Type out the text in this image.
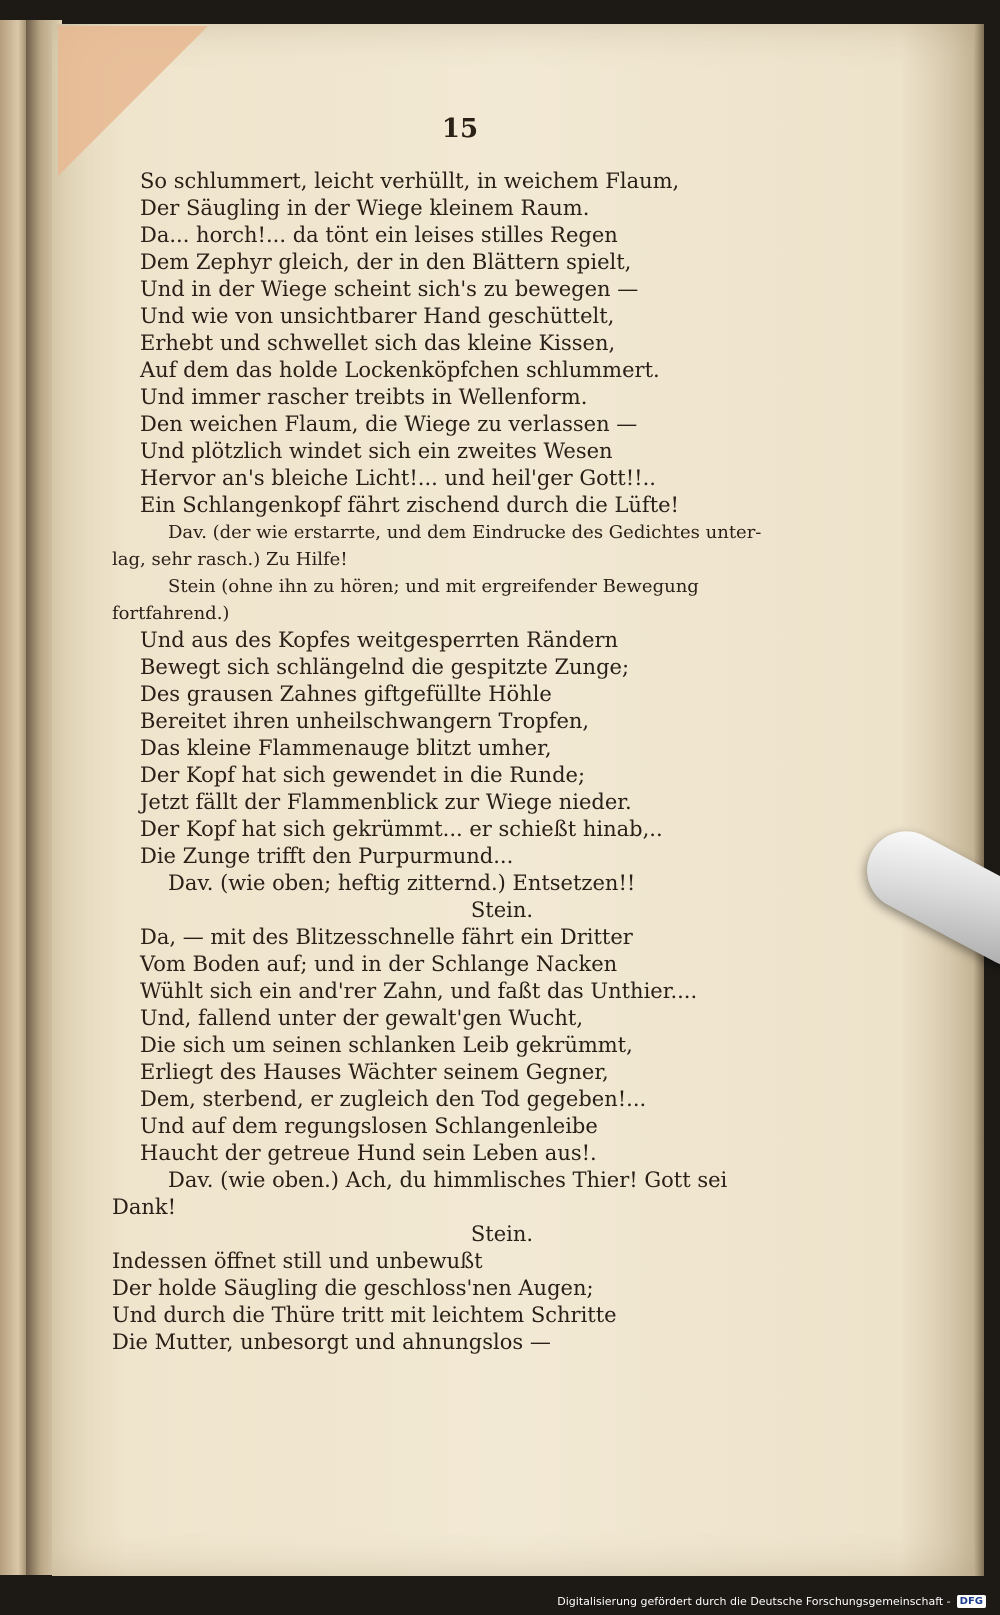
15
So schlummert, leicht verhüllt, in weichem Flaum,
Der Säugling in der Wiege kleinem Raum.
Da... horch!... da tönt ein leises stilles Regen
Dem Zephyr gleich, der in den Blättern spielt,
Und in der Wiege scheint sich's zu bewegen —
Und wie von unsichtbarer Hand geschüttelt,
Erhebt und schwellet sich das kleine Kissen,
Auf dem das holde Lockenköpfchen schlummert.
Und immer rascher treibts in Wellenform.
Den weichen Flaum, die Wiege zu verlassen —
Und plötzlich windet sich ein zweites Wesen
Hervor an's bleiche Licht!... und heil'ger Gott!!..
Ein Schlangenkopf fährt zischend durch die Lüfte!
Dav. (der wie erstarrte, und dem Eindrucke des Gedichtes unter-
lag, sehr rasch.) Zu Hilfe!
Stein (ohne ihn zu hören; und mit ergreifender Bewegung
fortfahrend.)
Und aus des Kopfes weitgesperrten Rändern
Bewegt sich schlängelnd die gespitzte Zunge;
Des grausen Zahnes giftgefüllte Höhle
Bereitet ihren unheilschwangern Tropfen,
Das kleine Flammenauge blitzt umher,
Der Kopf hat sich gewendet in die Runde;
Jetzt fällt der Flammenblick zur Wiege nieder.
Der Kopf hat sich gekrümmt... er schießt hinab,..
Die Zunge trifft den Purpurmund...
Dav. (wie oben; heftig zitternd.) Entsetzen!!
Stein.
Da, — mit des Blitzesschnelle fährt ein Dritter
Vom Boden auf; und in der Schlange Nacken
Wühlt sich ein and'rer Zahn, und faßt das Unthier....
Und, fallend unter der gewalt'gen Wucht,
Die sich um seinen schlanken Leib gekrümmt,
Erliegt des Hauses Wächter seinem Gegner,
Dem, sterbend, er zugleich den Tod gegeben!...
Und auf dem regungslosen Schlangenleibe
Haucht der getreue Hund sein Leben aus!.
Dav. (wie oben.) Ach, du himmlisches Thier! Gott sei
Dank!
Stein.
Indessen öffnet still und unbewußt
Der holde Säugling die geschloss'nen Augen;
Und durch die Thüre tritt mit leichtem Schritte
Die Mutter, unbesorgt und ahnungslos —
Digitalisierung gefördert durch die Deutsche Forschungsgemeinschaft - DFG
